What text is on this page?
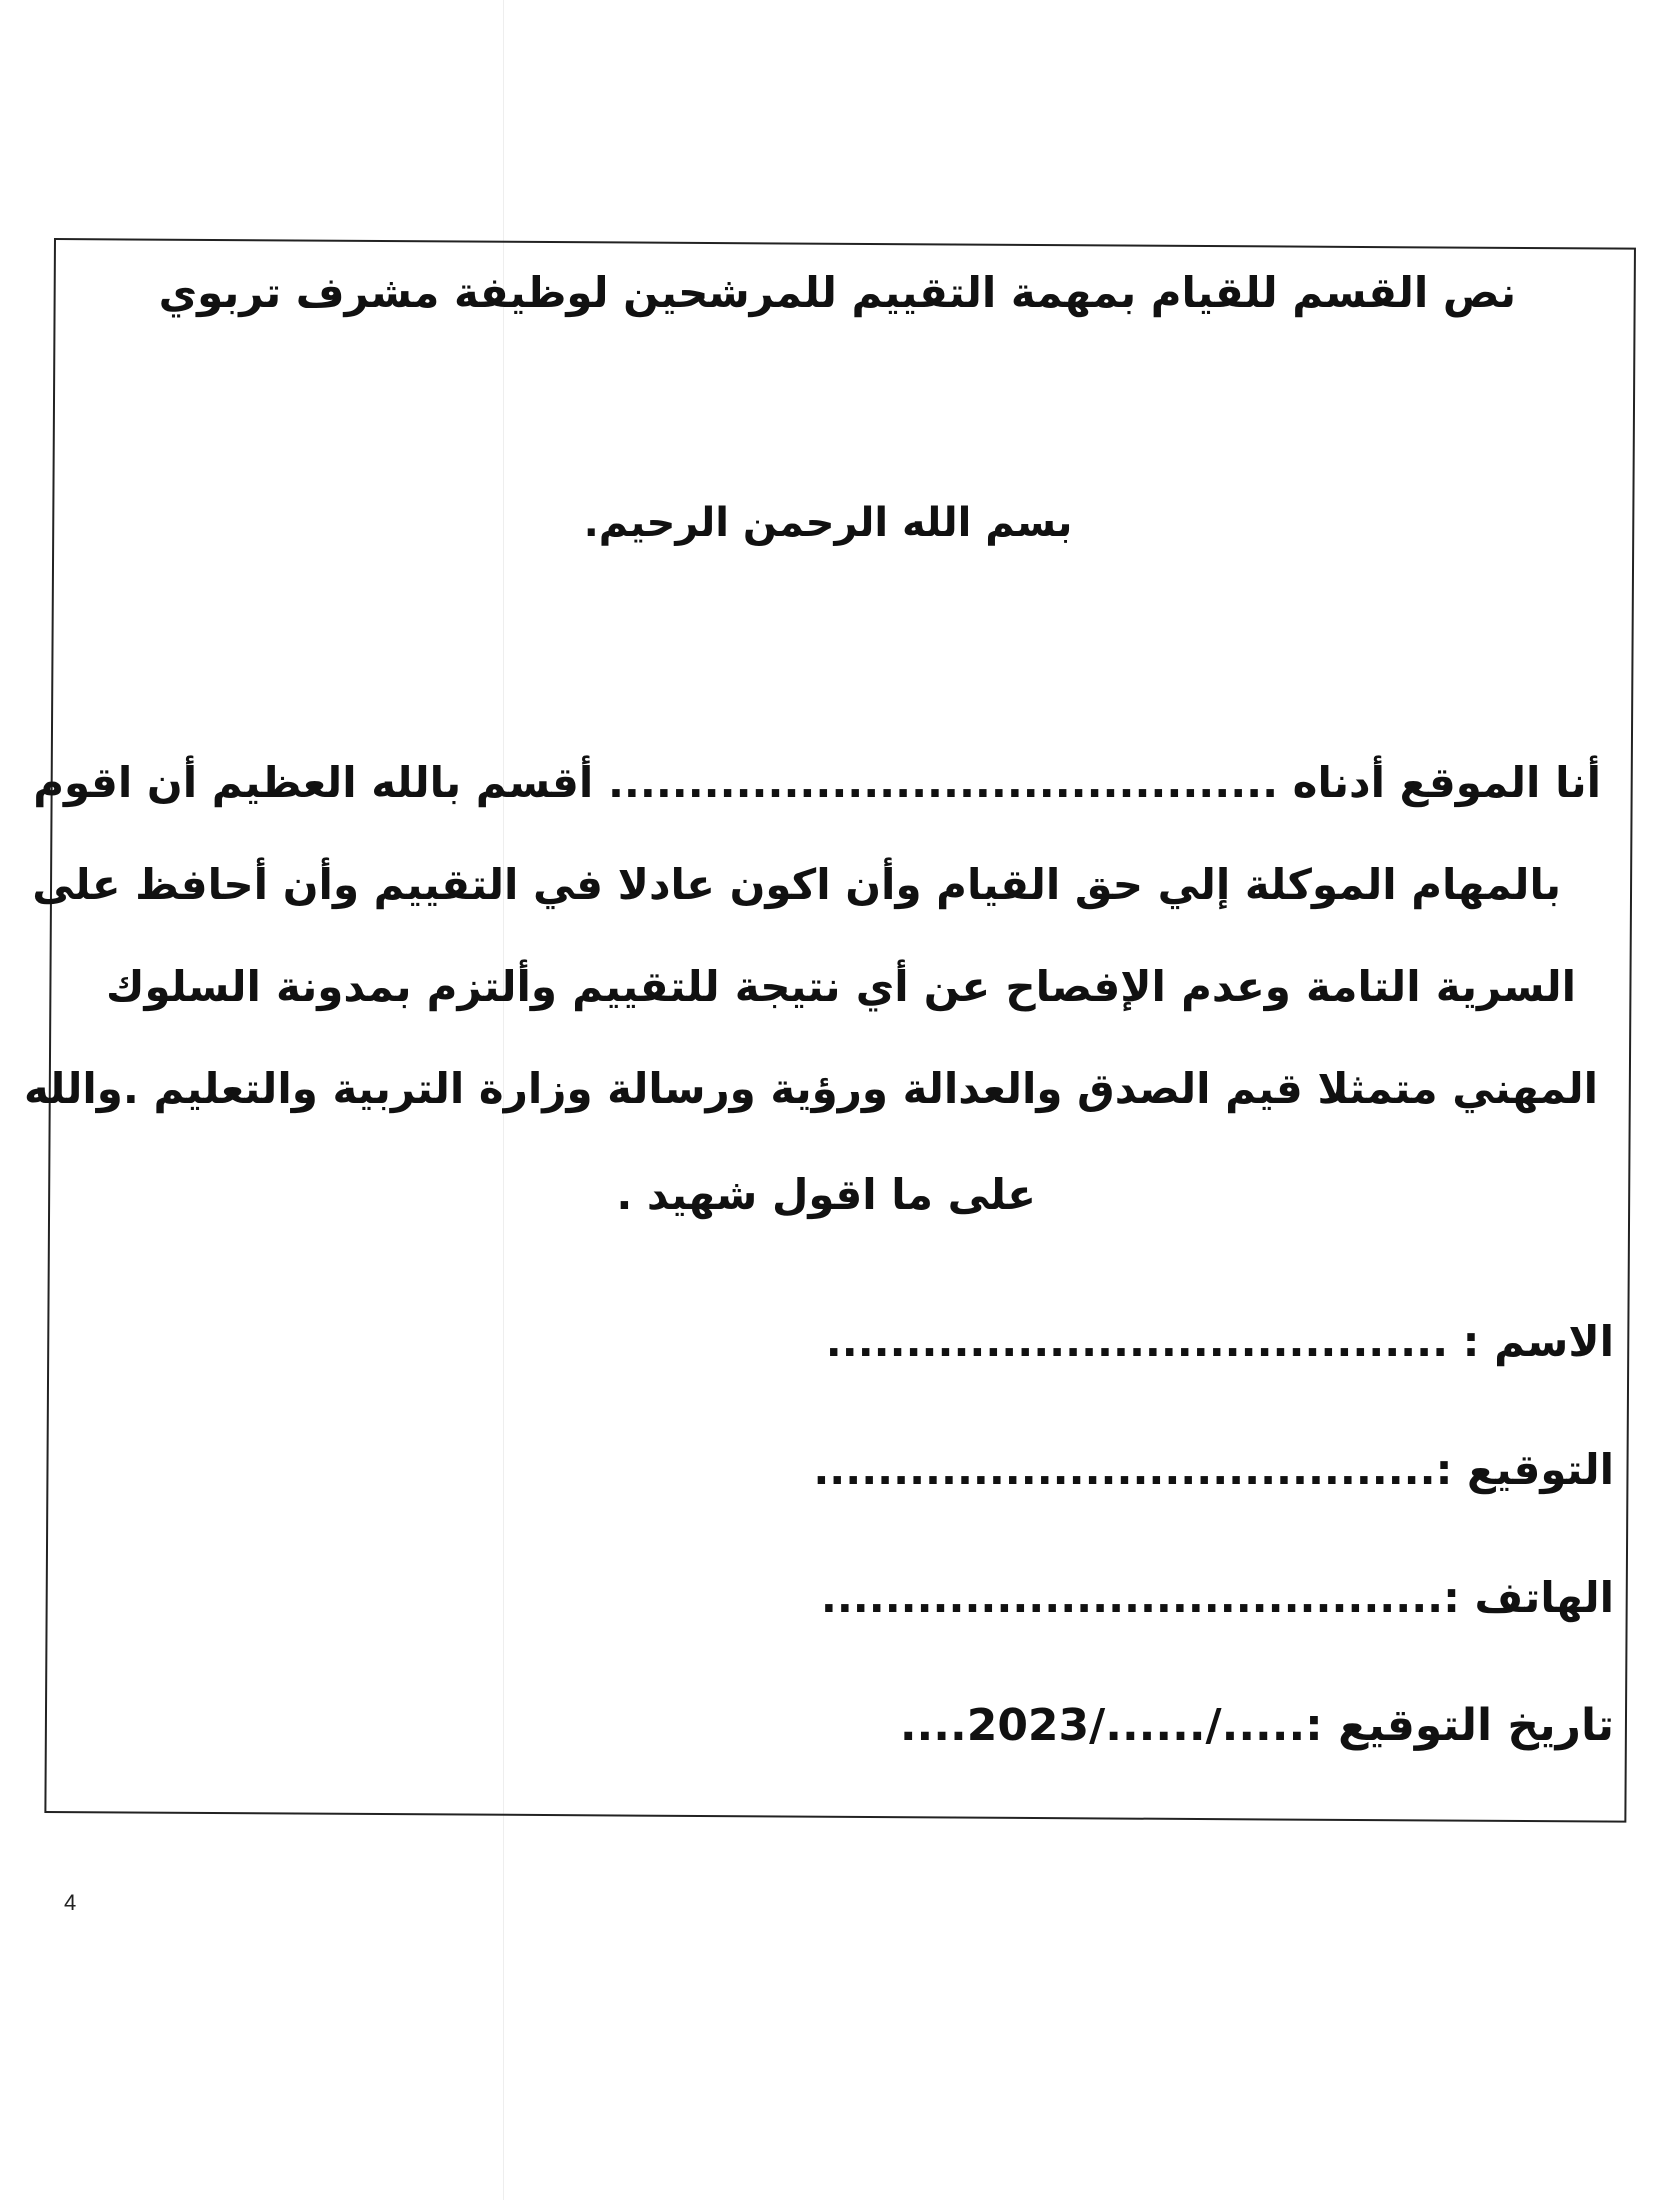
نص القسم للقيام بمهمة التقييم للمرشحين لوظيفة مشرف تربوي
بسم الله الرحمن الرحيم.
أنا الموقع أدناه .......................................... أقسم بالله العظيم أن اقوم
بالمهام الموكلة إلي حق القيام وأن اكون عادلا في التقييم وأن أحافظ على
السرية التامة وعدم الإفصاح عن أي نتيجة للتقييم وألتزم بمدونة السلوك
المهني متمثلا قيم الصدق والعدالة ورؤية ورسالة وزارة التربية والتعليم .والله
على ما اقول شهيد .
الاسم : .......................................
التوقيع :.......................................
الهاتف :.......................................
تاريخ التوقيع :...../....../2023....
4
